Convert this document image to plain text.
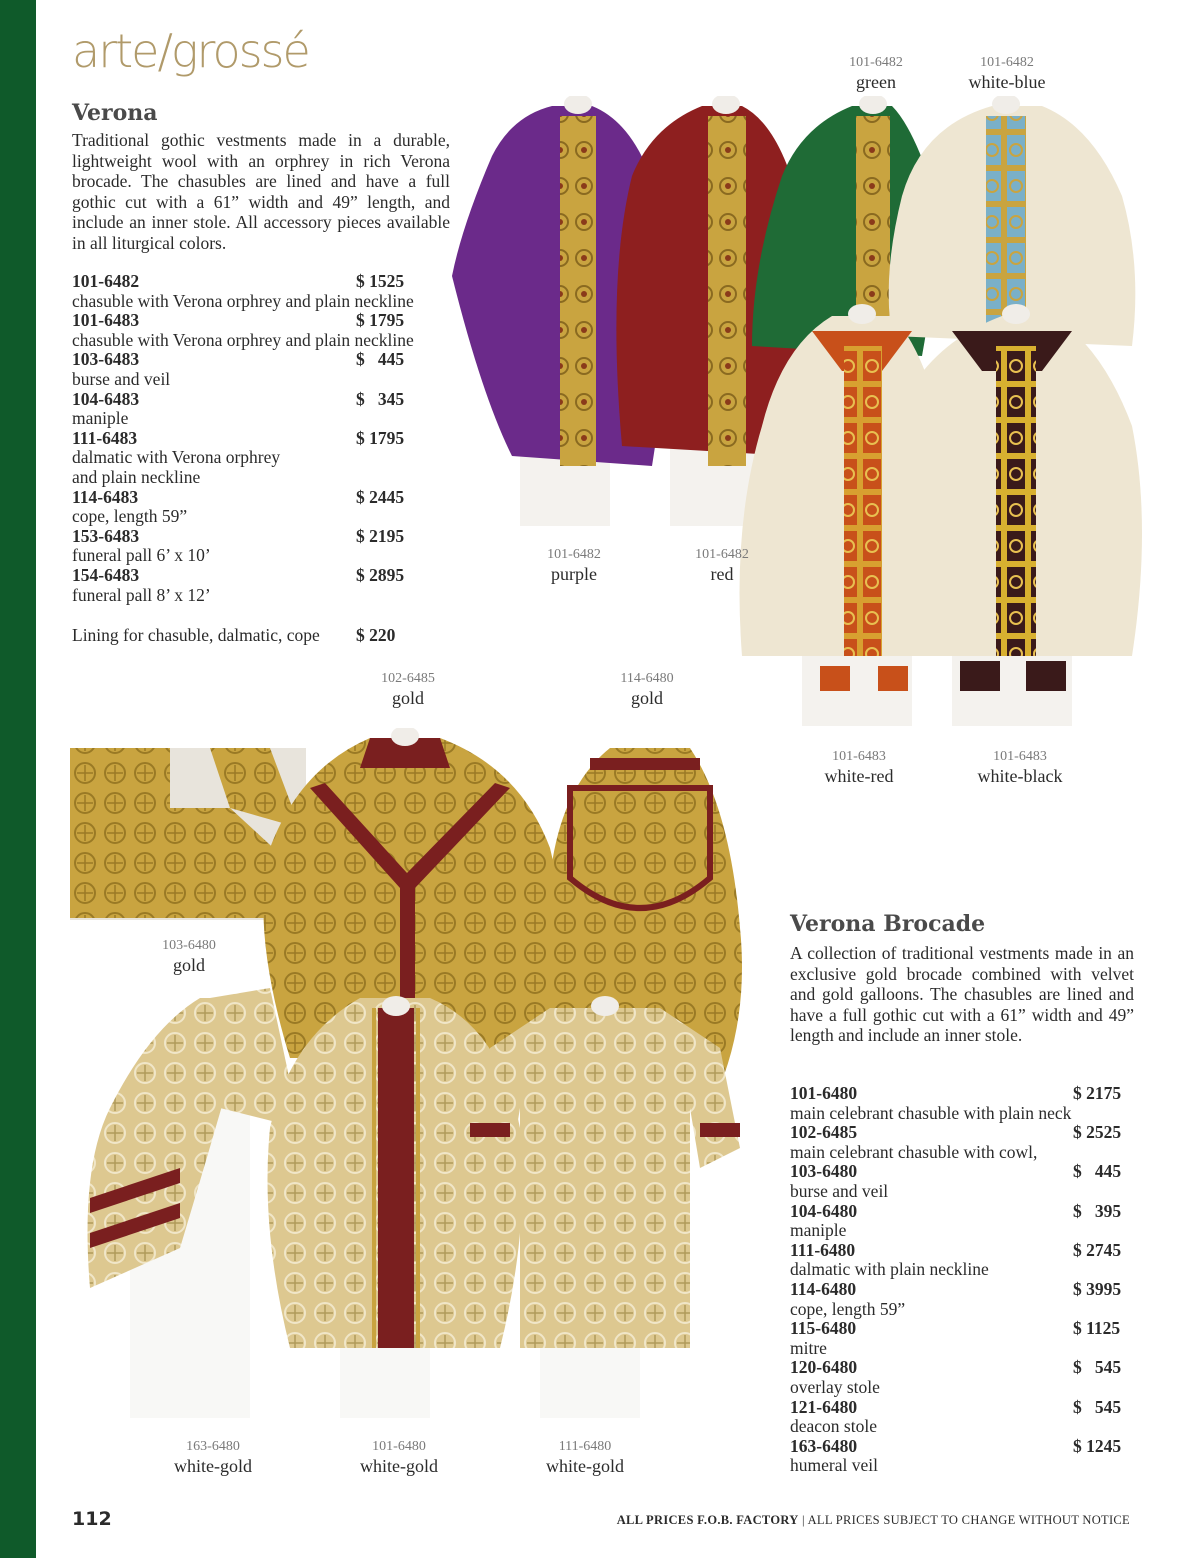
arte/grossé
Verona
Traditional gothic vestments made in a durable, lightweight wool with an orphrey in rich Verona brocade. The chasubles are lined and have a full gothic cut with a 61” width and 49” length, and include an inner stole. All accessory pieces available in all liturgical colors.
101-6482	$ 1525
chasuble with Verona orphrey and plain neckline
101-6483	$ 1795
chasuble with Verona orphrey and plain neckline
103-6483	$   445
burse and veil
104-6483	$   345
maniple
111-6483	$ 1795
dalmatic with Verona orphrey
and plain neckline
114-6483	$ 2445
cope, length 59”
153-6483	$ 2195
funeral pall 6’ x 10’
154-6483	$ 2895
funeral pall 8’ x 12’
Lining for chasuble, dalmatic, cope $ 220
101-6482
green
101-6482
white-blue
101-6482
purple
101-6482
red
101-6483
white-red
101-6483
white-black
102-6485
gold
114-6480
gold
103-6480
gold
163-6480
white-gold
101-6480
white-gold
111-6480
white-gold
Verona Brocade
A collection of traditional vestments made in an exclusive gold brocade combined with velvet and gold galloons. The chasubles are lined and have a full gothic cut with a 61” width and 49” length and include an inner stole.
101-6480	$ 2175
main celebrant chasuble with plain neck
102-6485	$ 2525
main celebrant chasuble with cowl,
103-6480	$   445
burse and veil
104-6480	$   395
maniple
111-6480	$ 2745
dalmatic with plain neckline
114-6480	$ 3995
cope, length 59”
115-6480	$ 1125
mitre
120-6480	$   545
overlay stole
121-6480	$   545
deacon stole
163-6480	$ 1245
humeral veil
112	ALL PRICES F.O.B. FACTORY | ALL PRICES SUBJECT TO CHANGE WITHOUT NOTICE
